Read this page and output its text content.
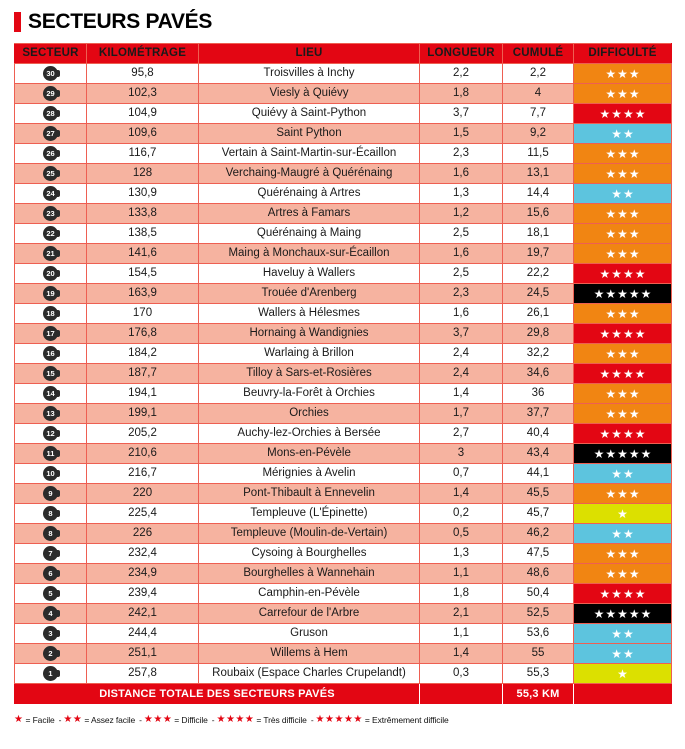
SECTEURS PAVÉS
SECTEUR	KILOMÉTRAGE	LIEU	LONGUEUR	CUMULÉ	DIFFICULTÉ
30	95,8	Troisvilles à Inchy	2,2	2,2	★ ★ ★

29	102,3	Viesly à Quiévy	1,8	4	★ ★ ★

28	104,9	Quiévy à Saint-Python	3,7	7,7	★ ★ ★ ★

27	109,6	Saint Python	1,5	9,2	★ ★

26	116,7	Vertain à Saint-Martin-sur-Écaillon	2,3	11,5	★ ★ ★

25	128	Verchaing-Maugré à Quérénaing	1,6	13,1	★ ★ ★

24	130,9	Quérénaing à Artres	1,3	14,4	★ ★

23	133,8	Artres à Famars	1,2	15,6	★ ★ ★

22	138,5	Quérénaing à Maing	2,5	18,1	★ ★ ★

21	141,6	Maing à Monchaux-sur-Écaillon	1,6	19,7	★ ★ ★

20	154,5	Haveluy à Wallers	2,5	22,2	★ ★ ★ ★

19	163,9	Trouée d'Arenberg	2,3	24,5	★ ★ ★ ★ ★

18	170	Wallers à Hélesmes	1,6	26,1	★ ★ ★

17	176,8	Hornaing à Wandignies	3,7	29,8	★ ★ ★ ★

16	184,2	Warlaing à Brillon	2,4	32,2	★ ★ ★

15	187,7	Tilloy à Sars-et-Rosières	2,4	34,6	★ ★ ★ ★

14	194,1	Beuvry-la-Forêt à Orchies	1,4	36	★ ★ ★

13	199,1	Orchies	1,7	37,7	★ ★ ★

12	205,2	Auchy-lez-Orchies à Bersée	2,7	40,4	★ ★ ★ ★

11	210,6	Mons-en-Pévèle	3	43,4	★ ★ ★ ★ ★

10	216,7	Mérignies à Avelin	0,7	44,1	★ ★

9	220	Pont-Thibault à Ennevelin	1,4	45,5	★ ★ ★

8	225,4	Templeuve (L'Épinette)	0,2	45,7	★

8	226	Templeuve (Moulin-de-Vertain)	0,5	46,2	★ ★

7	232,4	Cysoing à Bourghelles	1,3	47,5	★ ★ ★

6	234,9	Bourghelles à Wannehain	1,1	48,6	★ ★ ★

5	239,4	Camphin-en-Pévèle	1,8	50,4	★ ★ ★ ★

4	242,1	Carrefour de l'Arbre	2,1	52,5	★ ★ ★ ★ ★

3	244,4	Gruson	1,1	53,6	★ ★

2	251,1	Willems à Hem	1,4	55	★ ★

1	257,8	Roubaix (Espace Charles Crupelandt)	0,3	55,3	★

DISTANCE TOTALE DES SECTEURS PAVÉS				55,3 KM	
★ = Facile - ★★ = Assez facile - ★★★ = Difficile - ★★★★ = Très difficile - ★★★★★ = Extrêmement difficile
